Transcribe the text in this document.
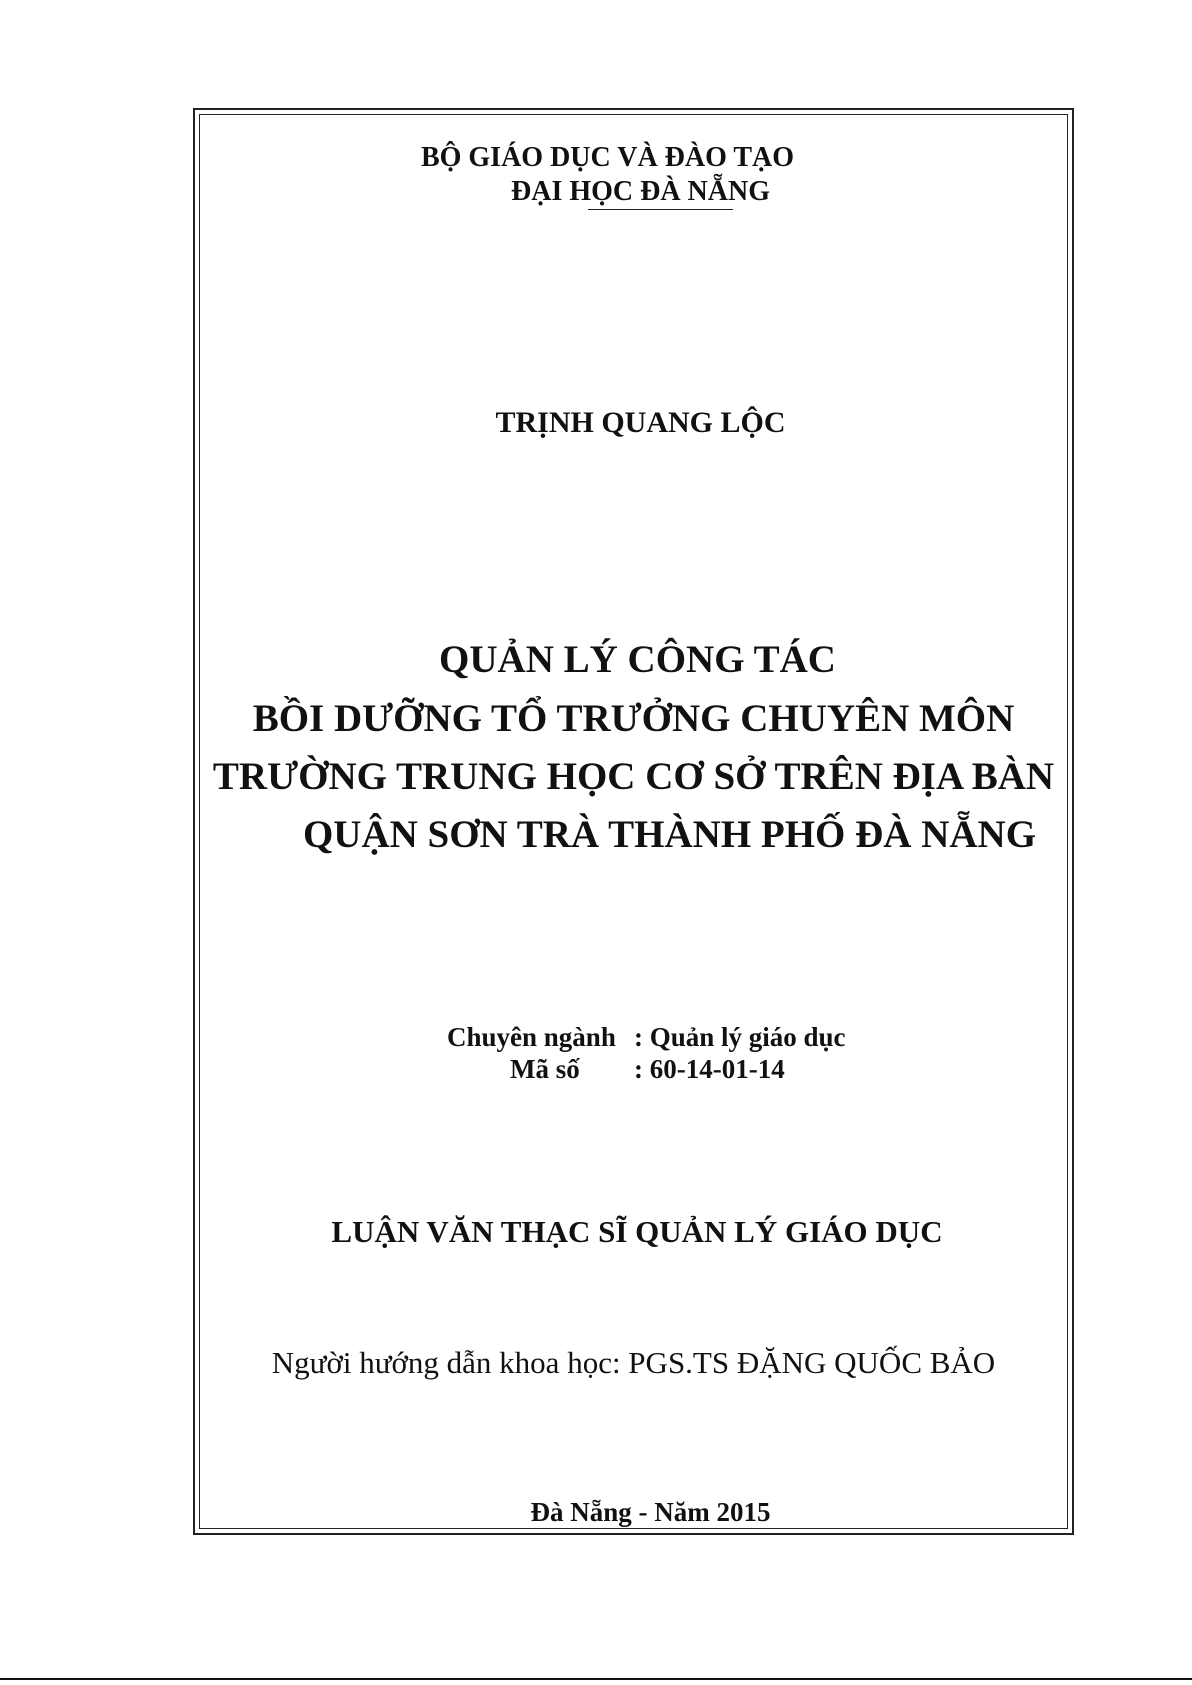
BỘ GIÁO DỤC VÀ ĐÀO TẠO
ĐẠI HỌC ĐÀ NẴNG
TRỊNH QUANG LỘC
QUẢN LÝ CÔNG TÁC
BỒI DƯỠNG TỔ TRƯỞNG CHUYÊN MÔN
TRƯỜNG TRUNG HỌC CƠ SỞ TRÊN ĐỊA BÀN
QUẬN SƠN TRÀ THÀNH PHỐ ĐÀ NẴNG
Chuyên ngành : Quản lý giáo dục
Mã số : 60-14-01-14
LUẬN VĂN THẠC SĨ QUẢN LÝ GIÁO DỤC
Người hướng dẫn khoa học: PGS.TS ĐẶNG QUỐC BẢO
Đà Nẵng - Năm 2015
